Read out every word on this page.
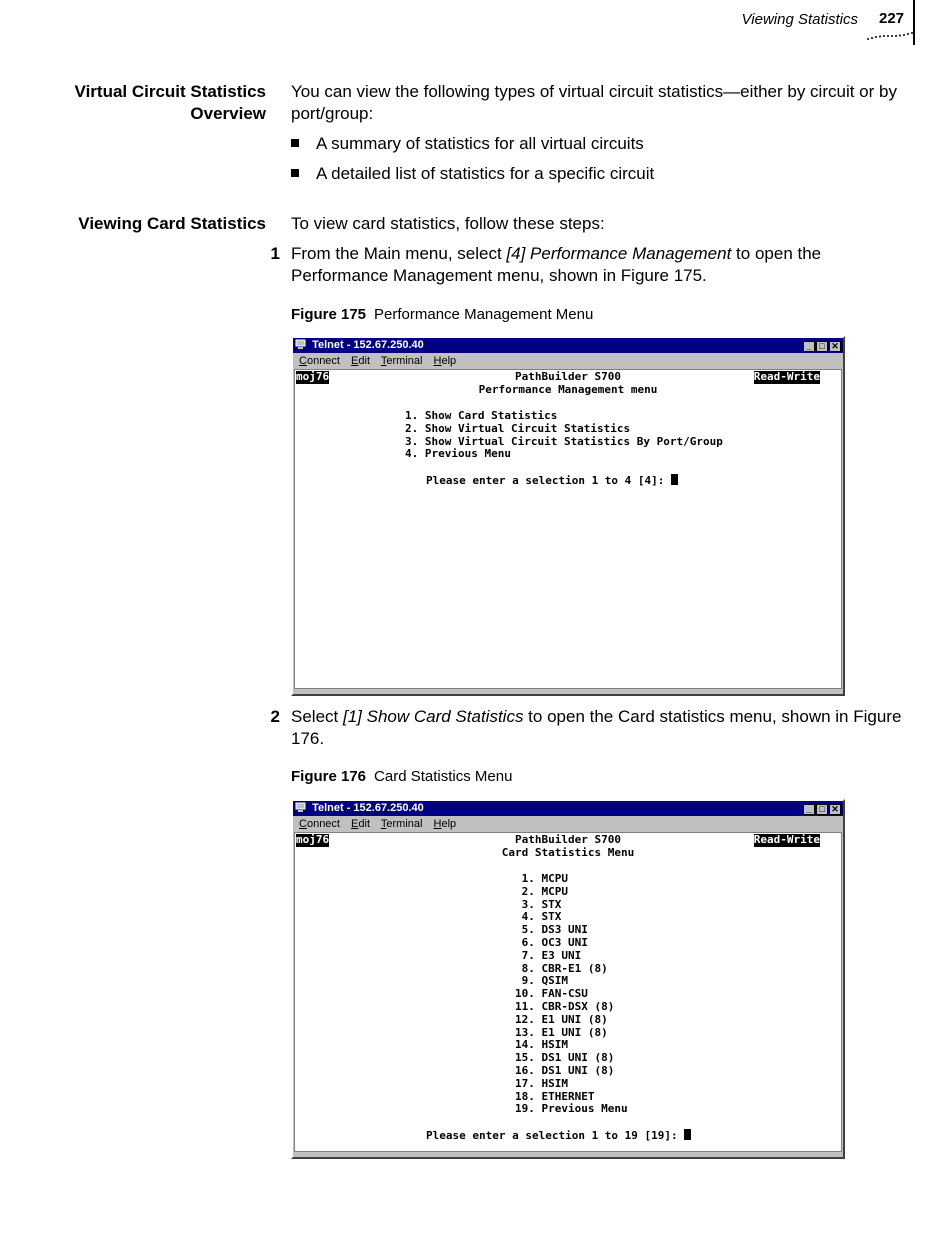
Viewing Statistics 227
Virtual Circuit Statistics
Overview
You can view the following types of virtual circuit statistics—either by circuit or by port/group:
A summary of statistics for all virtual circuits
A detailed list of statistics for a specific circuit
Viewing Card Statistics To view card statistics, follow these steps:
1 From the Main menu, select [4] Performance Management to open the Performance Management menu, shown in Figure 175.
Figure 175 Performance Management Menu
Telnet - 152.67.250.40	_ □ ✕
Connect Edit Terminal Help
moj76	Read-Write
PathBuilder S700
Performance Management menu
1. Show Card Statistics
2. Show Virtual Circuit Statistics
3. Show Virtual Circuit Statistics By Port/Group
4. Previous Menu
Please enter a selection 1 to 4 [4]:
2 Select [1] Show Card Statistics to open the Card statistics menu, shown in Figure 176.
Figure 176 Card Statistics Menu
Telnet - 152.67.250.40	_ □ ✕
Connect Edit Terminal Help
moj76	Read-Write
PathBuilder S700
Card Statistics Menu
1. MCPU
2. MCPU
3. STX
4. STX
5. DS3 UNI
6. OC3 UNI
7. E3 UNI
8. CBR-E1 (8)
9. QSIM
10. FAN-CSU
11. CBR-DSX (8)
12. E1 UNI (8)
13. E1 UNI (8)
14. HSIM
15. DS1 UNI (8)
16. DS1 UNI (8)
17. HSIM
18. ETHERNET
19. Previous Menu
Please enter a selection 1 to 19 [19]:
